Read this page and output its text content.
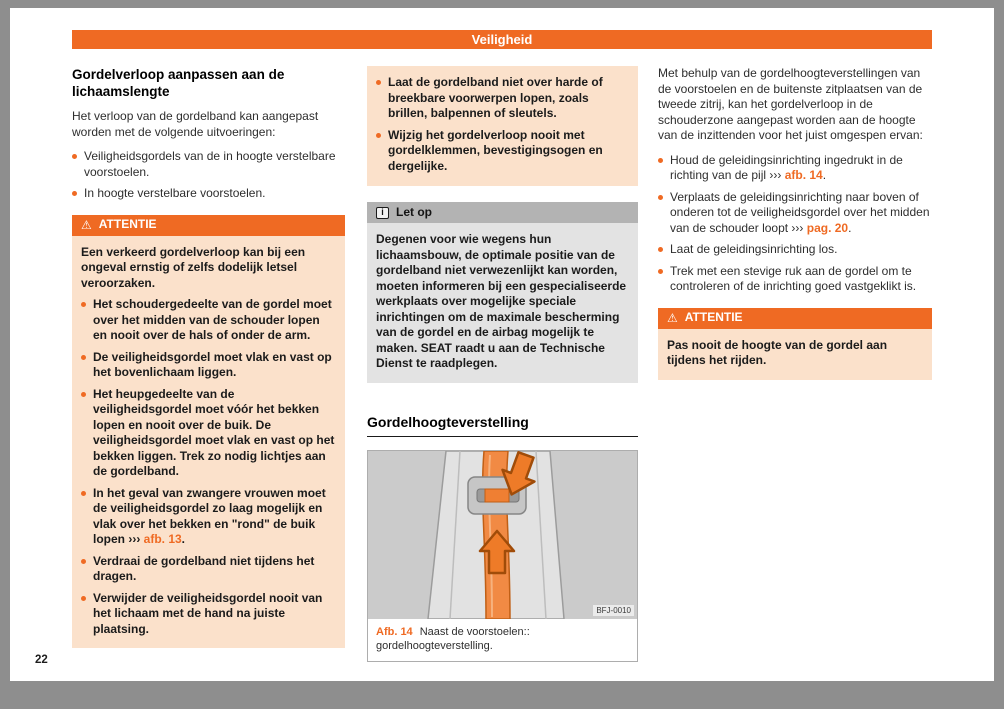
Veiligheid
Gordelverloop aanpassen aan de lichaamslengte

Het verloop van de gordelband kan aangepast worden met de volgende uitvoeringen:

Veiligheidsgordels van de in hoogte verstelbare voorstoelen.
In hoogte verstelbare voorstoelen.
⚠ ATTENTIE

Een verkeerd gordelverloop kan bij een ongeval ernstig of zelfs dodelijk letsel veroorzaken.

Het schoudergedeelte van de gordel moet over het midden van de schouder lopen en nooit over de hals of onder de arm.
De veiligheidsgordel moet vlak en vast op het bovenlichaam liggen.
Het heupgedeelte van de veiligheidsgordel moet vóór het bekken lopen en nooit over de buik. De veiligheidsgordel moet vlak en vast op het bekken liggen. Trek zo nodig lichtjes aan de gordelband.
In het geval van zwangere vrouwen moet de veiligheidsgordel zo laag mogelijk en vlak over het bekken en "rond" de buik lopen ››› afb. 13.
Verdraai de gordelband niet tijdens het dragen.
Verwijder de veiligheidsgordel nooit van het lichaam met de hand na juiste plaatsing.
Laat de gordelband niet over harde of breekbare voorwerpen lopen, zoals brillen, balpennen of sleutels.
Wijzig het gordelverloop nooit met gordelklemmen, bevestigingsogen en dergelijke.
i	Let op
Degenen voor wie wegens hun lichaamsbouw, de optimale positie van de gordelband niet verwezenlijkt kan worden, moeten informeren bij een gespecialiseerde werkplaats over mogelijke speciale inrichtingen om de maximale bescherming van de gordel en de airbag mogelijk te maken. SEAT raadt u aan de Technische Dienst te raadplegen.
Gordelhoogteverstelling
BFJ-0010
Afb. 14 Naast de voorstoelen:: gordelhoogteverstelling.

Met behulp van de gordelhoogteverstellingen van de voorstoelen en de buitenste zitplaatsen van de tweede zitrij, kan het gordelverloop in de schouderzone aangepast worden aan de hoogte van de inzittenden voor het juist omgespen ervan:

Houd de geleidingsinrichting ingedrukt in de richting van de pijl ››› afb. 14.
Verplaats de geleidingsinrichting naar boven of onderen tot de veiligheidsgordel over het midden van de schouder loopt ››› pag. 20.
Laat de geleidingsinrichting los.
Trek met een stevige ruk aan de gordel om te controleren of de inrichting goed vastgeklikt is.
⚠ ATTENTIE
Pas nooit de hoogte van de gordel aan tijdens het rijden.
22
